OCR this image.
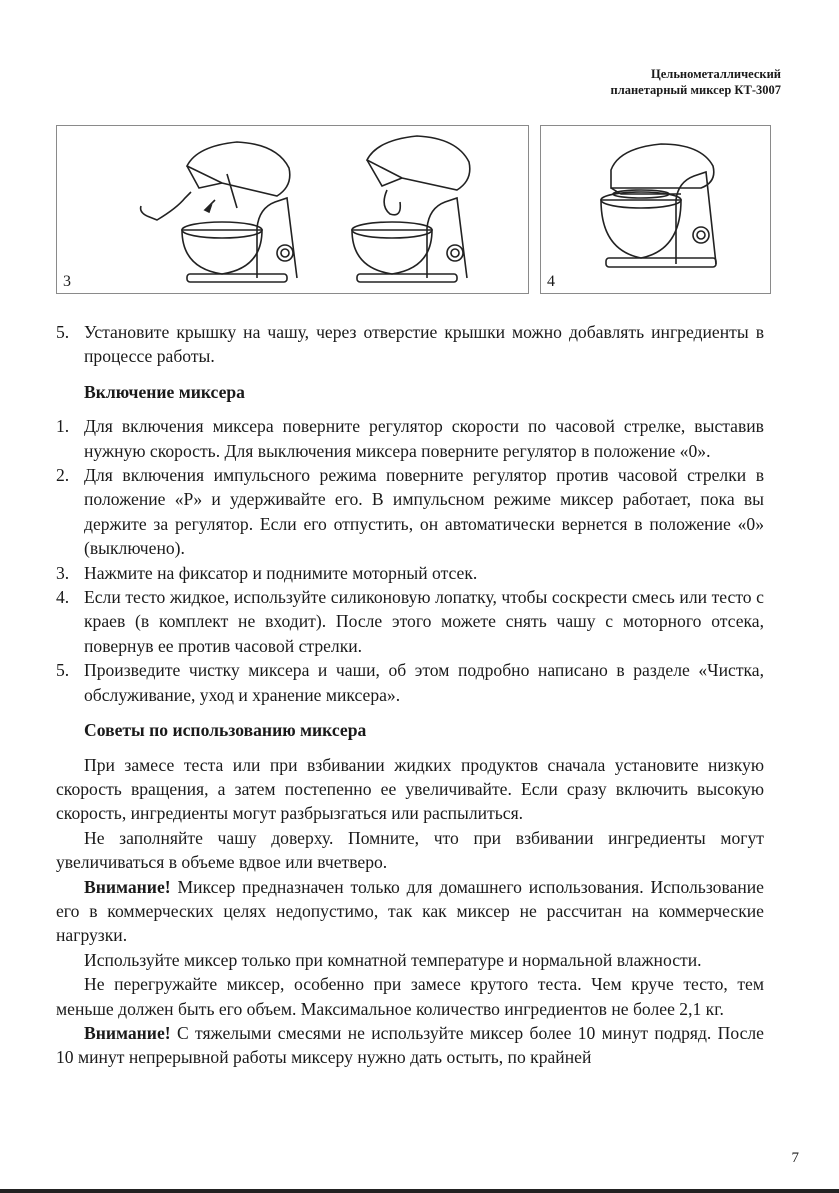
Цельнометаллический
планетарный миксер КТ-3007
3	4
5. Установите крышку на чашу, через отверстие крышки можно добавлять ингредиенты в процессе работы.
Включение миксера
1. Для включения миксера поверните регулятор скорости по часовой стрелке, выставив нужную скорость. Для выключения миксера поверните регулятор в положение «0».
2. Для включения импульсного режима поверните регулятор против часовой стрелки в положение «P» и удерживайте его. В импульсном режиме миксер работает, пока вы держите за регулятор. Если его отпустить, он автоматически вернется в положение «0» (выключено).
3. Нажмите на фиксатор и поднимите моторный отсек.
4. Если тесто жидкое, используйте силиконовую лопатку, чтобы соскрести смесь или тесто с краев (в комплект не входит). После этого можете снять чашу с моторного отсека, повернув ее против часовой стрелки.
5. Произведите чистку миксера и чаши, об этом подробно написано в разделе «Чистка, обслуживание, уход и хранение миксера».
Советы по использованию миксера

При замесе теста или при взбивании жидких продуктов сначала установите низкую скорость вращения, а затем постепенно ее увеличивайте. Если сразу включить высокую скорость, ингредиенты могут разбрызгаться или распылиться.

Не заполняйте чашу доверху. Помните, что при взбивании ингредиенты могут увеличиваться в объеме вдвое или вчетверо.

Внимание! Миксер предназначен только для домашнего использования. Использование его в коммерческих целях недопустимо, так как миксер не рассчитан на коммерческие нагрузки.

Используйте миксер только при комнатной температуре и нормальной влажности.

Не перегружайте миксер, особенно при замесе крутого теста. Чем круче тесто, тем меньше должен быть его объем. Максимальное количество ингредиентов не более 2,1 кг.

Внимание! С тяжелыми смесями не используйте миксер более 10 минут подряд. После 10 минут непрерывной работы миксеру нужно дать остыть, по крайней

7
